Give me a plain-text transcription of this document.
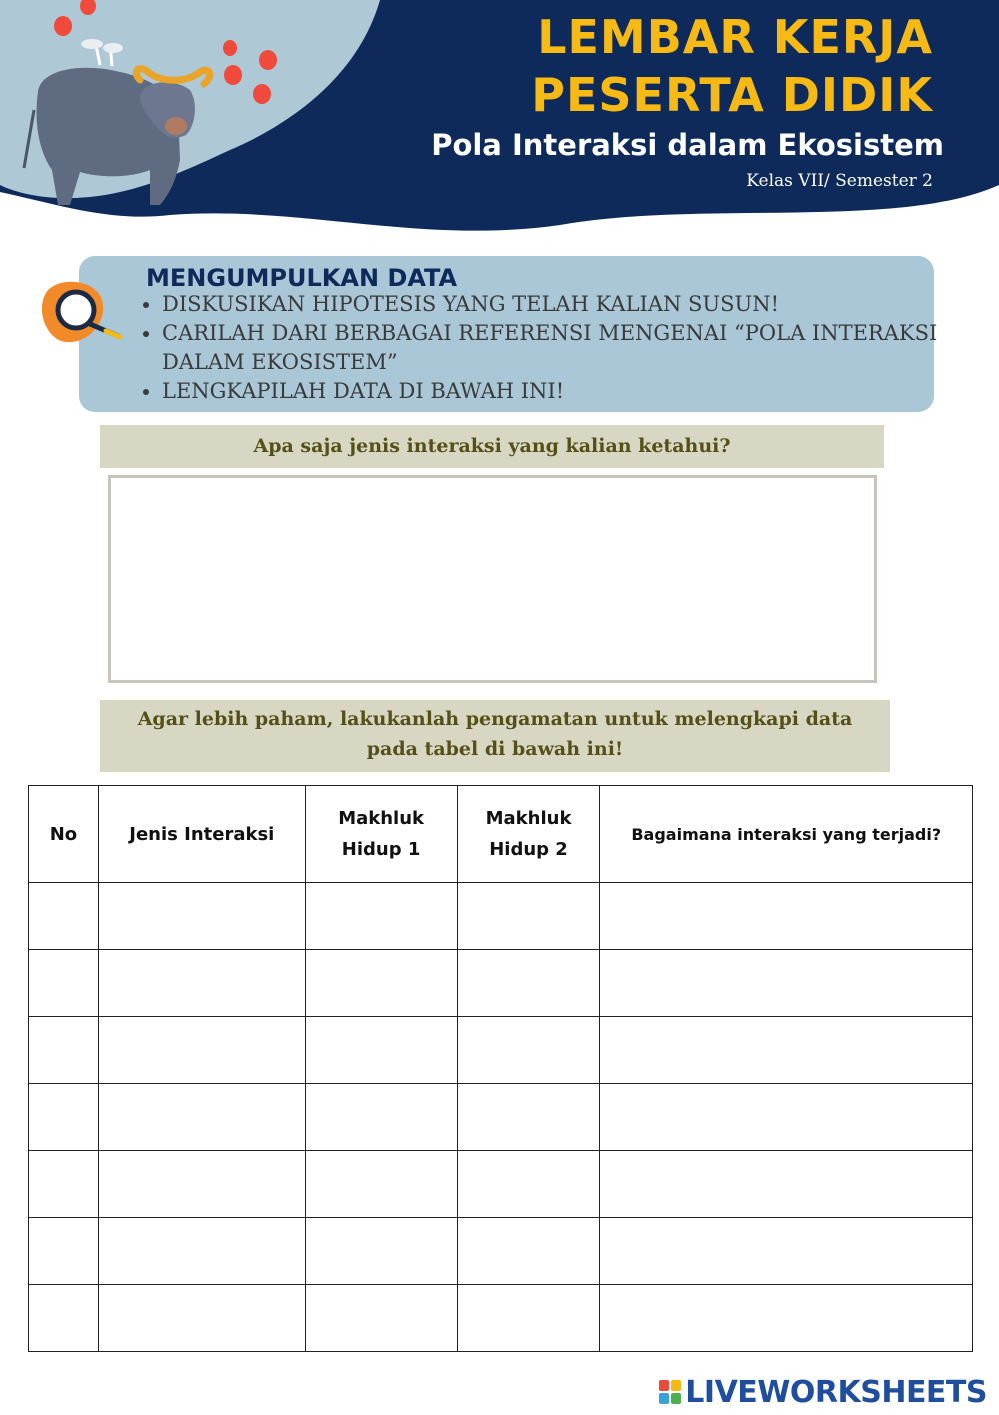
LEMBAR KERJA
PESERTA DIDIK
Pola Interaksi dalam Ekosistem
Kelas VII/ Semester 2
MENGUMPULKAN DATA
• DISKUSIKAN HIPOTESIS YANG TELAH KALIAN SUSUN!
• CARILAH DARI BERBAGAI REFERENSI MENGENAI “POLA INTERAKSI DALAM EKOSISTEM”
• LENGKAPILAH DATA DI BAWAH INI!
Apa saja jenis interaksi yang kalian ketahui?
Agar lebih paham, lakukanlah pengamatan untuk melengkapi data
pada tabel di bawah ini!
No	Jenis Interaksi	Makhluk Hidup 1	Makhluk Hidup 2	Bagaimana interaksi yang terjadi?

LIVEWORKSHEETS
